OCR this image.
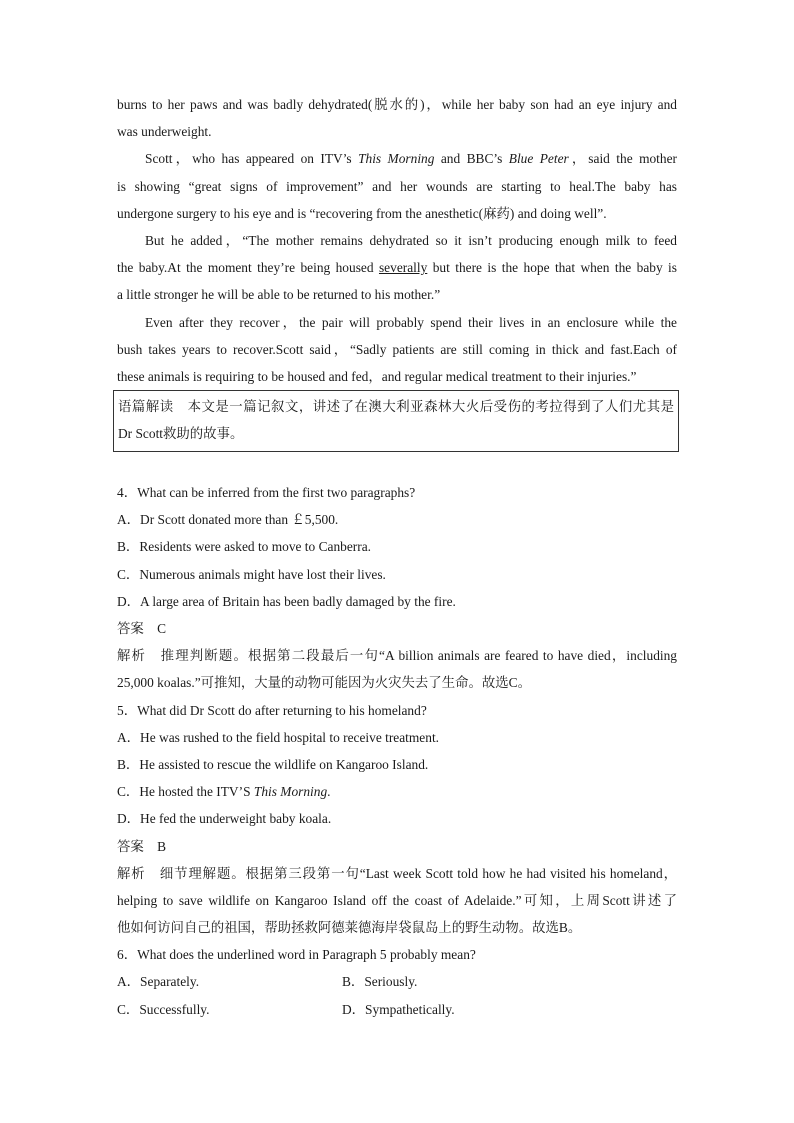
burns to her paws and was badly dehydrated(脱水的)，while her baby son had an eye injury and
was underweight.
Scott，who has appeared on ITV’s This Morning and BBC’s Blue Peter，said the mother
is showing “great signs of improvement” and her wounds are starting to heal.The baby has
undergone surgery to his eye and is “recovering from the anesthetic(麻药) and doing well”.
But he added，“The mother remains dehydrated so it isn’t producing enough milk to feed
the baby.At the moment they’re being housed severally but there is the hope that when the baby is
a little stronger he will be able to be returned to his mother.”
Even after they recover，the pair will probably spend their lives in an enclosure while the
bush takes years to recover.Scott said，“Sadly patients are still coming in thick and fast.Each of
these animals is requiring to be housed and fed，and regular medical treatment to their injuries.”
语篇解读　本文是一篇记叙文，讲述了在澳大利亚森林大火后受伤的考拉得到了人们尤其是
Dr Scott救助的故事。
4．What can be inferred from the first two paragraphs?
A．Dr Scott donated more than ￡5,500.
B．Residents were asked to move to Canberra.
C．Numerous animals might have lost their lives.
D．A large area of Britain has been badly damaged by the fire.
答案　C
解析　推理判断题。根据第二段最后一句“A billion animals are feared to have died，including
25,000 koalas.”可推知，大量的动物可能因为火灾失去了生命。故选C。
5．What did Dr Scott do after returning to his homeland?
A．He was rushed to the field hospital to receive treatment.
B．He assisted to rescue the wildlife on Kangaroo Island.
C．He hosted the ITV’S This Morning.
D．He fed the underweight baby koala.
答案　B
解析　细节理解题。根据第三段第一句“Last week Scott told how he had visited his homeland，
helping to save wildlife on Kangaroo Island off the coast of Adelaide.”可知，上周Scott讲述了
他如何访问自己的祖国，帮助拯救阿德莱德海岸袋鼠岛上的野生动物。故选B。
6．What does the underlined word in Paragraph 5 probably mean?
A．Separately.	B．Seriously.
C．Successfully.	D．Sympathetically.
